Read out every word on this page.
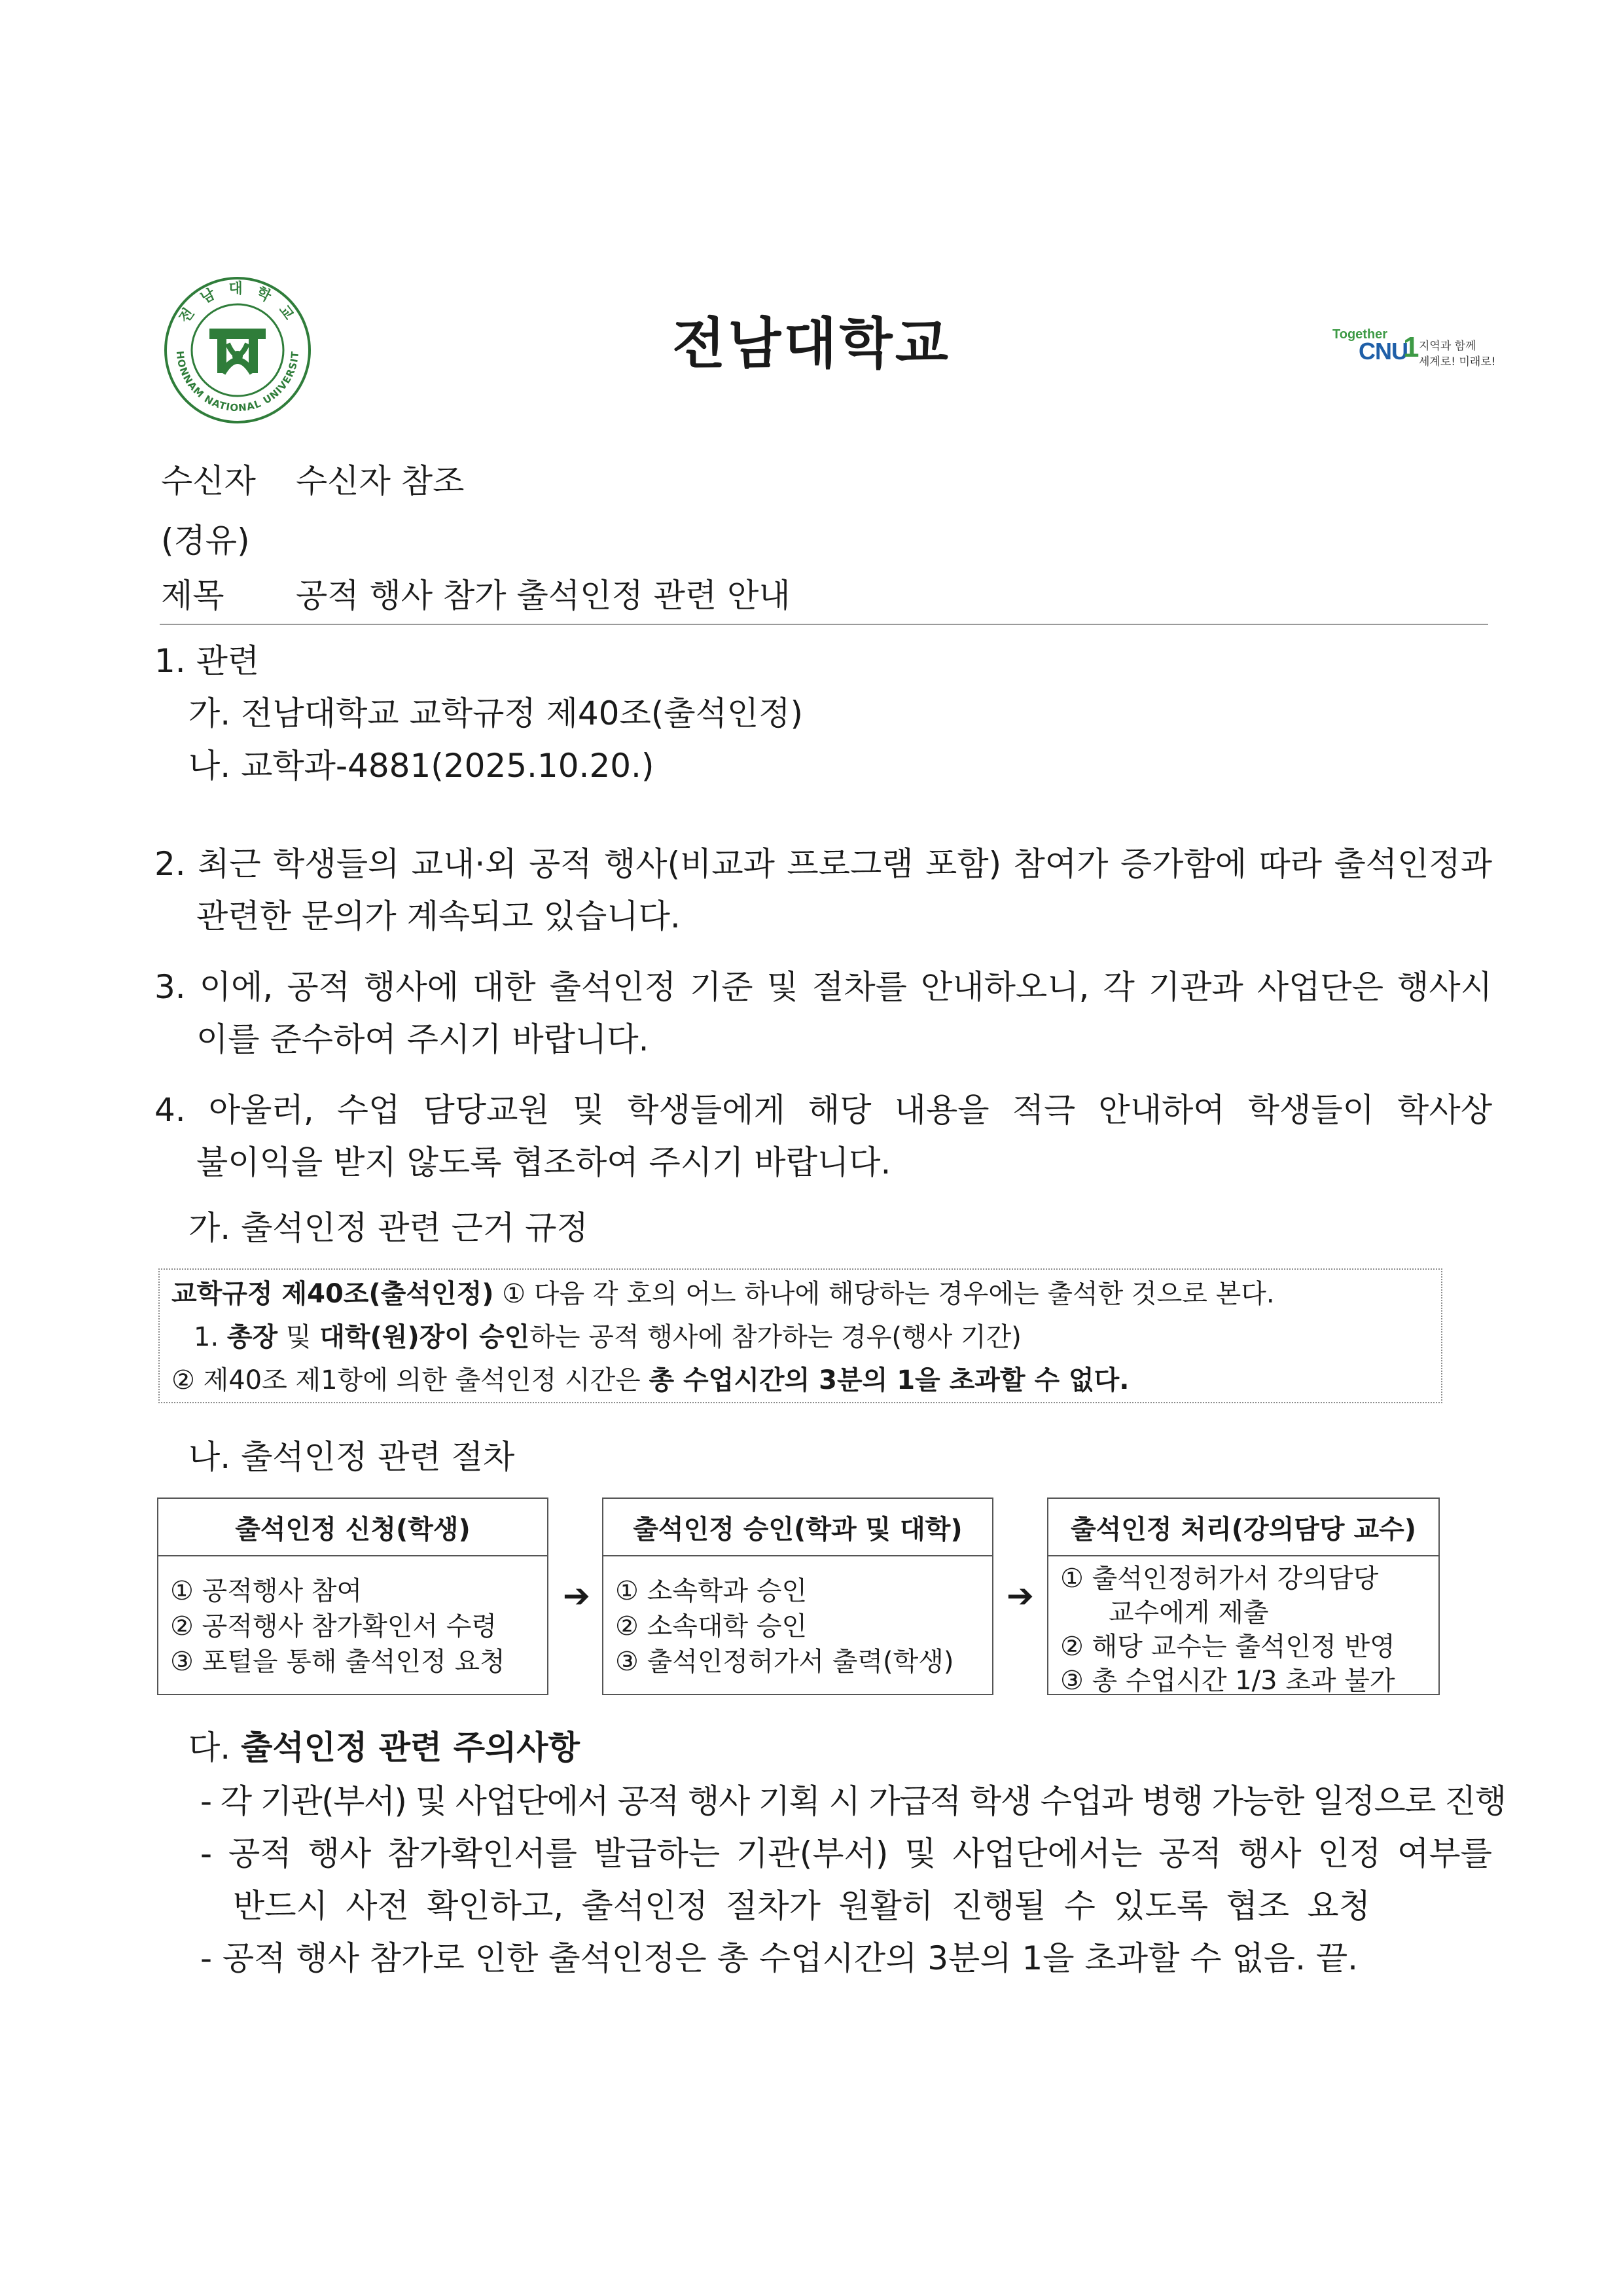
전 남 대 학 교
HONNAM NATIONAL UNIVERSIT	전남대학교	Together
CNU
1 지역과 함께
세계로! 미래로!
수신자 수신자 참조
(경유)
제목 공적 행사 참가 출석인정 관련 안내
1. 관련
가. 전남대학교 교학규정 제40조(출석인정)
나. 교학과-4881(2025.10.20.)
2. 최근 학생들의 교내·외 공적 행사(비교과 프로그램 포함) 참여가 증가함에 따라 출석인정과
관련한 문의가 계속되고 있습니다.
3. 이에, 공적 행사에 대한 출석인정 기준 및 절차를 안내하오니, 각 기관과 사업단은 행사시
이를 준수하여 주시기 바랍니다.
4. 아울러, 수업 담당교원 및 학생들에게 해당 내용을 적극 안내하여 학생들이 학사상
불이익을 받지 않도록 협조하여 주시기 바랍니다.
가. 출석인정 관련 근거 규정
교학규정 제40조(출석인정) ① 다음 각 호의 어느 하나에 해당하는 경우에는 출석한 것으로 본다.
1. 총장 및 대학(원)장이 승인하는 공적 행사에 참가하는 경우(행사 기간)
② 제40조 제1항에 의한 출석인정 시간은 총 수업시간의 3분의 1을 초과할 수 없다.
나. 출석인정 관련 절차
출석인정 신청(학생)
① 공적행사 참여
② 공적행사 참가확인서 수령
③ 포털을 통해 출석인정 요청
➔
출석인정 승인(학과 및 대학)
① 소속학과 승인
② 소속대학 승인
③ 출석인정허가서 출력(학생)
➔
출석인정 처리(강의담당 교수)
① 출석인정허가서 강의담당
교수에게 제출
② 해당 교수는 출석인정 반영
③ 총 수업시간 1/3 초과 불가
다. 출석인정 관련 주의사항
- 각 기관(부서) 및 사업단에서 공적 행사 기획 시 가급적 학생 수업과 병행 가능한 일정으로 진행
- 공적 행사 참가확인서를 발급하는 기관(부서) 및 사업단에서는 공적 행사 인정 여부를
반드시 사전 확인하고, 출석인정 절차가 원활히 진행될 수 있도록 협조 요청
- 공적 행사 참가로 인한 출석인정은 총 수업시간의 3분의 1을 초과할 수 없음. 끝.
